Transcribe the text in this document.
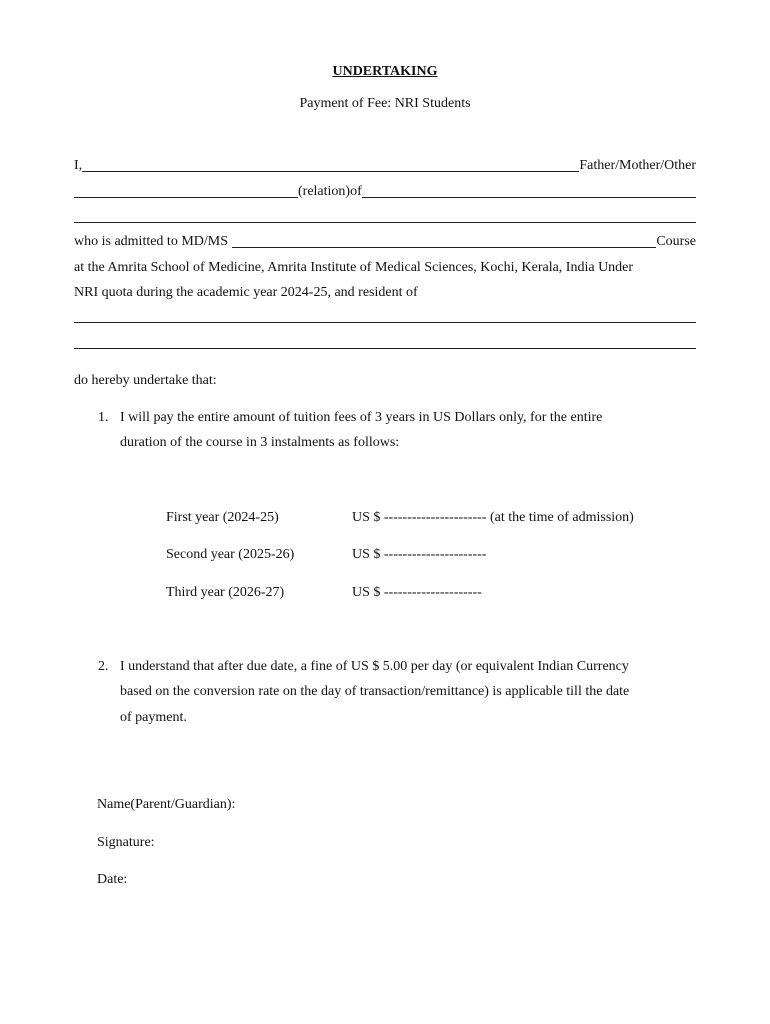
UNDERTAKING
Payment of Fee: NRI Students
I,	Father/Mother/Other
(relation)of
who is admitted to MD/MS	Course
at the Amrita School of Medicine, Amrita Institute of Medical Sciences, Kochi, Kerala, India Under
NRI quota during the academic year 2024-25, and resident of
do hereby undertake that:
1. I will pay the entire amount of tuition fees of 3 years in US Dollars only, for the entire
duration of the course in 3 instalments as follows:
First year (2024-25)	US $ ---------------------- (at the time of admission)
Second year (2025-26)	US $ ----------------------
Third year (2026-27)	US $ ---------------------
2. I understand that after due date, a fine of US $ 5.00 per day (or equivalent Indian Currency
based on the conversion rate on the day of transaction/remittance) is applicable till the date
of payment.
Name(Parent/Guardian):
Signature:
Date:
